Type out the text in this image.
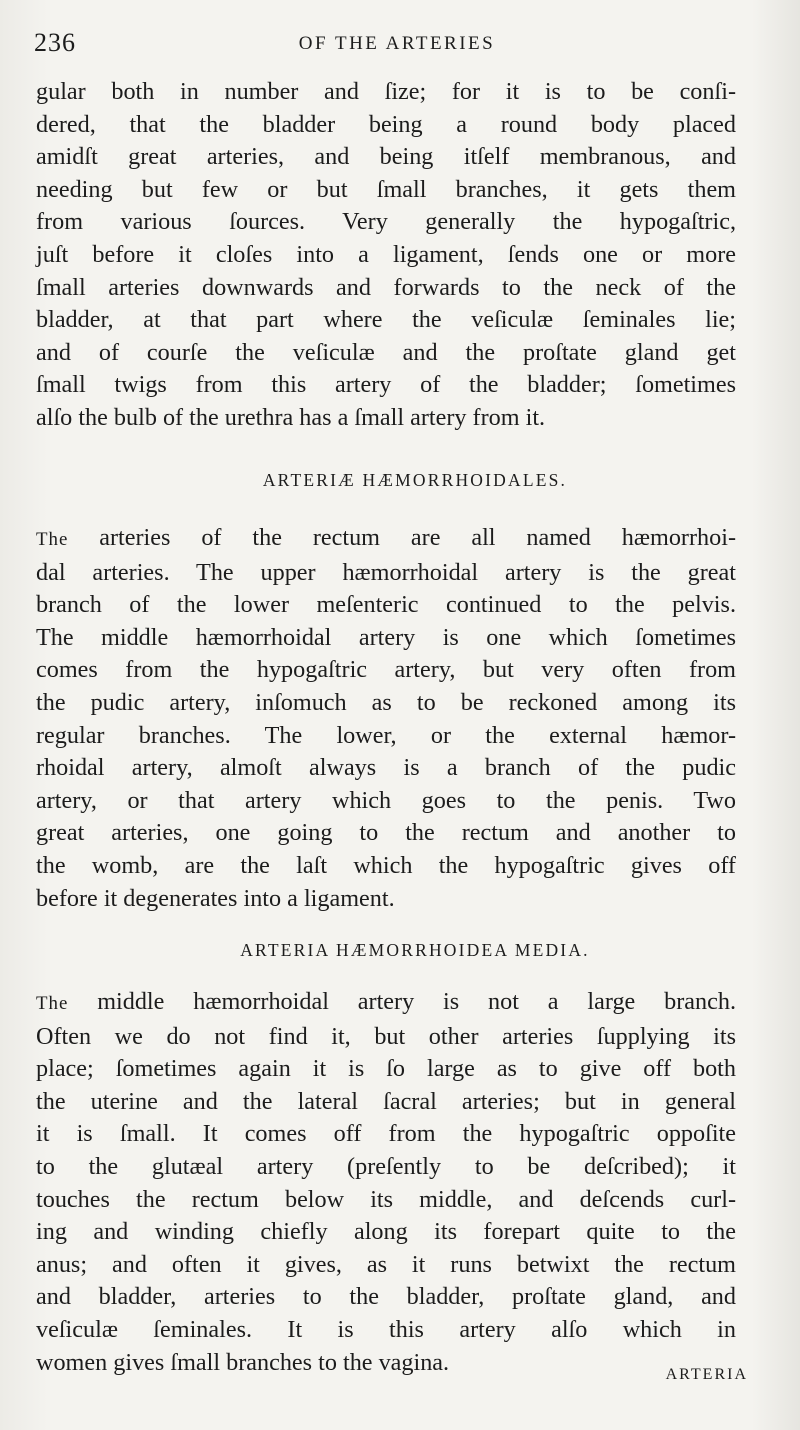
236	OF THE ARTERIES
gular both in number and ſize; for it is to be conſi-
dered, that the bladder being a round body placed
amidſt great arteries, and being itſelf membranous, and
needing but few or but ſmall branches, it gets them
from various ſources. Very generally the hypogaſtric,
juſt before it cloſes into a ligament, ſends one or more
ſmall arteries downwards and forwards to the neck of the
bladder, at that part where the veſiculæ ſeminales lie;
and of courſe the veſiculæ and the proſtate gland get
ſmall twigs from this artery of the bladder; ſometimes
alſo the bulb of the urethra has a ſmall artery from it.
ARTERIÆ HÆMORRHOIDALES.
The arteries of the rectum are all named hæmorrhoi-
dal arteries. The upper hæmorrhoidal artery is the great
branch of the lower meſenteric continued to the pelvis.
The middle hæmorrhoidal artery is one which ſometimes
comes from the hypogaſtric artery, but very often from
the pudic artery, inſomuch as to be reckoned among its
regular branches. The lower, or the external hæmor-
rhoidal artery, almoſt always is a branch of the pudic
artery, or that artery which goes to the penis. Two
great arteries, one going to the rectum and another to
the womb, are the laſt which the hypogaſtric gives off
before it degenerates into a ligament.
ARTERIA HÆMORRHOIDEA MEDIA.
The middle hæmorrhoidal artery is not a large branch.
Often we do not find it, but other arteries ſupplying its
place; ſometimes again it is ſo large as to give off both
the uterine and the lateral ſacral arteries; but in general
it is ſmall. It comes off from the hypogaſtric oppoſite
to the glutæal artery (preſently to be deſcribed); it
touches the rectum below its middle, and deſcends curl-
ing and winding chiefly along its forepart quite to the
anus; and often it gives, as it runs betwixt the rectum
and bladder, arteries to the bladder, proſtate gland, and
veſiculæ ſeminales. It is this artery alſo which in
women gives ſmall branches to the vagina.	ARTERIA
